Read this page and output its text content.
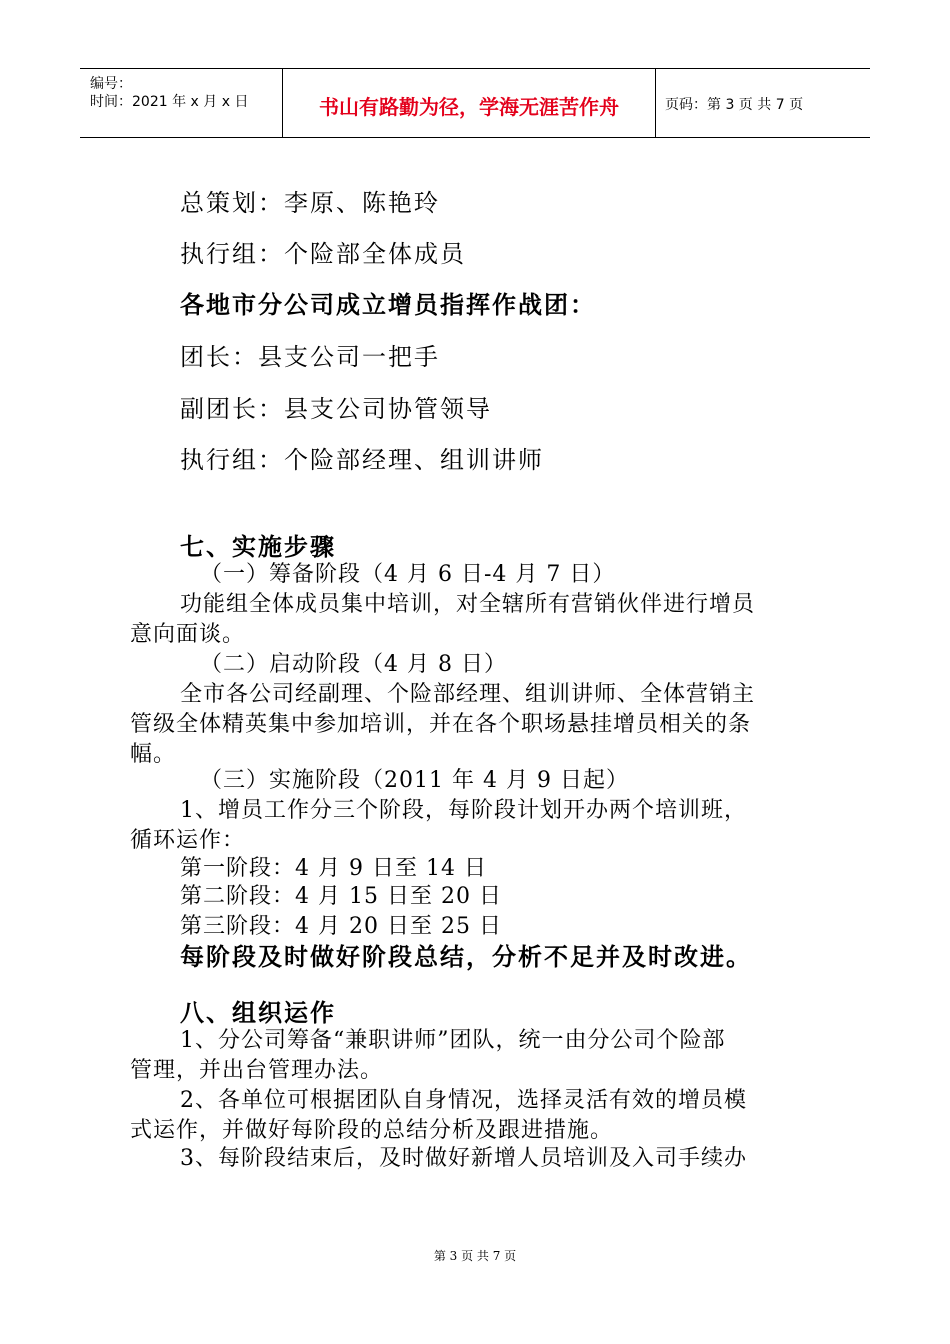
编号：
时间：2021 年 x 月 x 日	书山有路勤为径，学海无涯苦作舟	页码：第 3 页 共 7 页
总策划：李原、陈艳玲
执行组：个险部全体成员
各地市分公司成立增员指挥作战团：
团长：县支公司一把手
副团长：县支公司协管领导
执行组：个险部经理、组训讲师
七、实施步骤
（一）筹备阶段（4 月 6 日-4 月 7 日）
功能组全体成员集中培训，对全辖所有营销伙伴进行增员
意向面谈。
（二）启动阶段（4 月 8 日）
全市各公司经副理、个险部经理、组训讲师、全体营销主
管级全体精英集中参加培训，并在各个职场悬挂增员相关的条
幅。
（三）实施阶段（2011 年 4 月 9 日起）
1、增员工作分三个阶段，每阶段计划开办两个培训班，
循环运作：
第一阶段：4 月 9 日至 14 日
第二阶段：4 月 15 日至 20 日
第三阶段：4 月 20 日至 25 日
每阶段及时做好阶段总结，分析不足并及时改进。
八、组织运作
1、分公司筹备“兼职讲师”团队，统一由分公司个险部
管理，并出台管理办法。
2、各单位可根据团队自身情况，选择灵活有效的增员模
式运作，并做好每阶段的总结分析及跟进措施。
3、每阶段结束后，及时做好新增人员培训及入司手续办
第 3 页 共 7 页
